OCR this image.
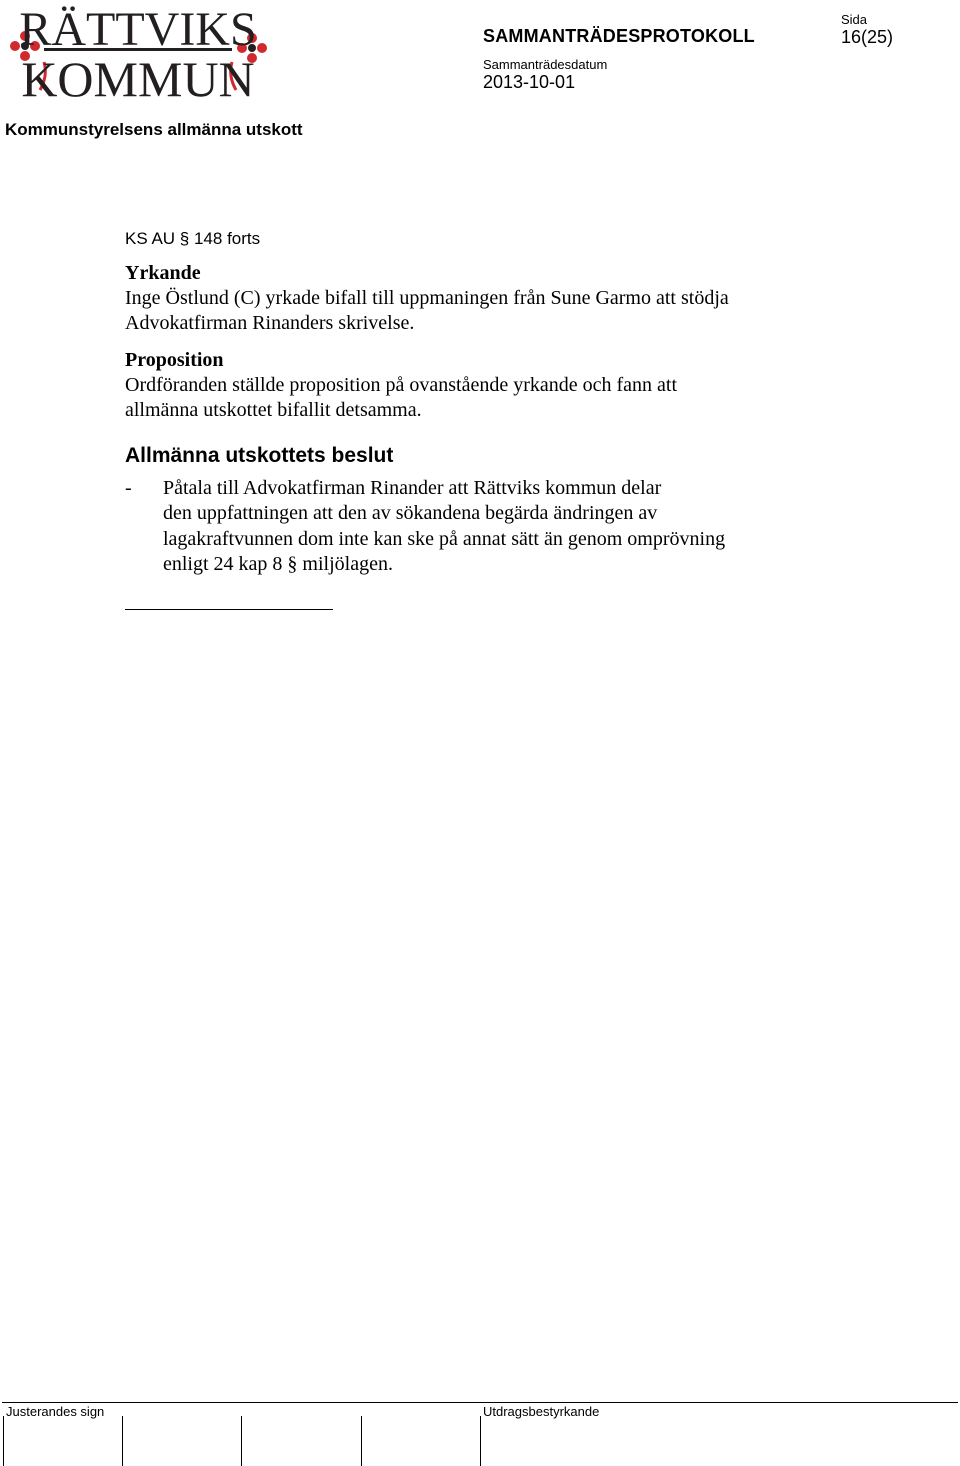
RÄTTVIKS
KOMMUN
SAMMANTRÄDESPROTOKOLL
Sida
16(25)
Sammanträdesdatum
2013-10-01
Kommunstyrelsens allmänna utskott
KS AU § 148 forts
Yrkande
Inge Östlund (C) yrkade bifall till uppmaningen från Sune Garmo att stödja
Advokatfirman Rinanders skrivelse.
Proposition
Ordföranden ställde proposition på ovanstående yrkande och fann att
allmänna utskottet bifallit detsamma.
Allmänna utskottets beslut
- Påtala till Advokatfirman Rinander att Rättviks kommun delar
den uppfattningen att den av sökandena begärda ändringen av
lagakraftvunnen dom inte kan ske på annat sätt än genom omprövning
enligt 24 kap 8 § miljölagen.
Justerandes sign	Utdragsbestyrkande
